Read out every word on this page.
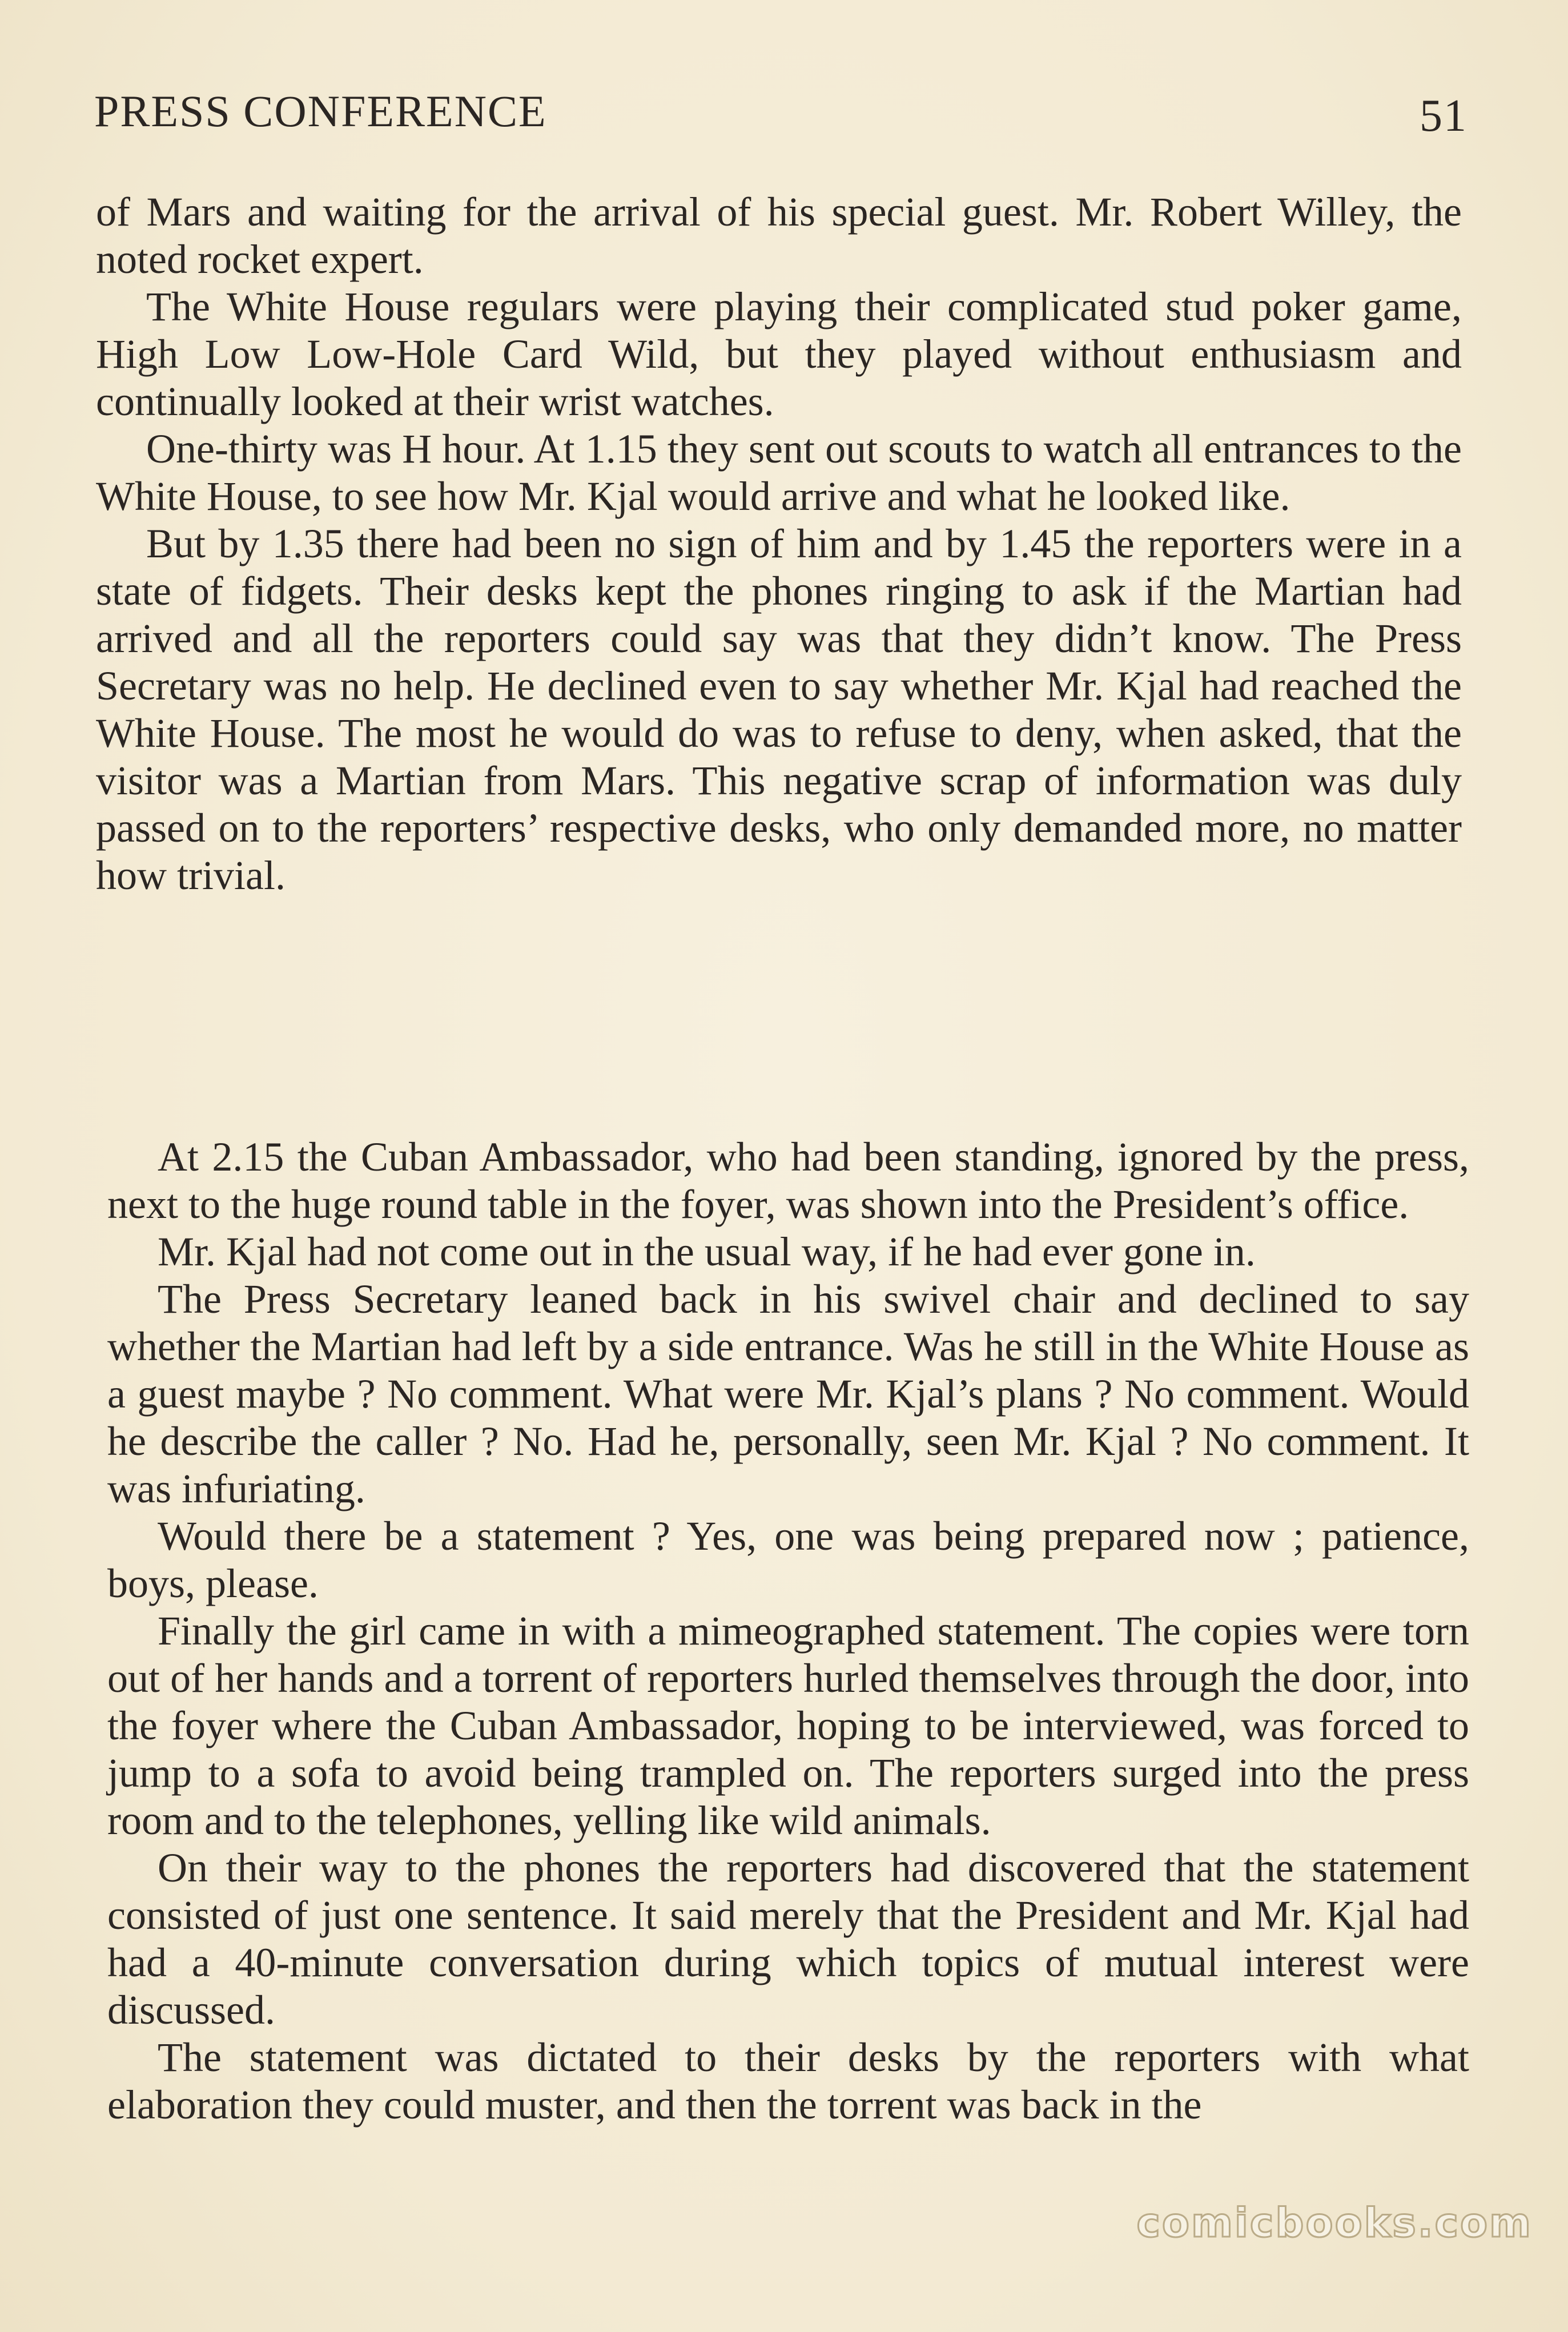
PRESS CONFERENCE	51

of Mars and waiting for the arrival of his special guest. Mr. Robert Willey, the noted rocket expert.

The White House regulars were playing their complicated stud poker game, High Low Low-Hole Card Wild, but they played without enthusiasm and continually looked at their wrist watches.

One-thirty was H hour. At 1.15 they sent out scouts to watch all entrances to the White House, to see how Mr. Kjal would arrive and what he looked like.

But by 1.35 there had been no sign of him and by 1.45 the reporters were in a state of fidgets. Their desks kept the phones ringing to ask if the Martian had arrived and all the reporters could say was that they didn’t know. The Press Secretary was no help. He declined even to say whether Mr. Kjal had reached the White House. The most he would do was to refuse to deny, when asked, that the visitor was a Martian from Mars. This negative scrap of information was duly passed on to the reporters’ respective desks, who only demanded more, no matter how trivial.

At 2.15 the Cuban Ambassador, who had been standing, ignored by the press, next to the huge round table in the foyer, was shown into the President’s office.

Mr. Kjal had not come out in the usual way, if he had ever gone in.

The Press Secretary leaned back in his swivel chair and declined to say whether the Martian had left by a side entrance. Was he still in the White House as a guest maybe ? No comment. What were Mr. Kjal’s plans ? No comment. Would he describe the caller ? No. Had he, personally, seen Mr. Kjal ? No comment. It was infuriating.

Would there be a statement ? Yes, one was being prepared now ; patience, boys, please.

Finally the girl came in with a mimeographed statement. The copies were torn out of her hands and a torrent of reporters hurled themselves through the door, into the foyer where the Cuban Ambassador, hoping to be interviewed, was forced to jump to a sofa to avoid being trampled on. The reporters surged into the press room and to the telephones, yelling like wild animals.

On their way to the phones the reporters had discovered that the statement consisted of just one sentence. It said merely that the President and Mr. Kjal had had a 40-minute conversation during which topics of mutual interest were discussed.

The statement was dictated to their desks by the reporters with what elaboration they could muster, and then the torrent was back in the

comicbooks.com
